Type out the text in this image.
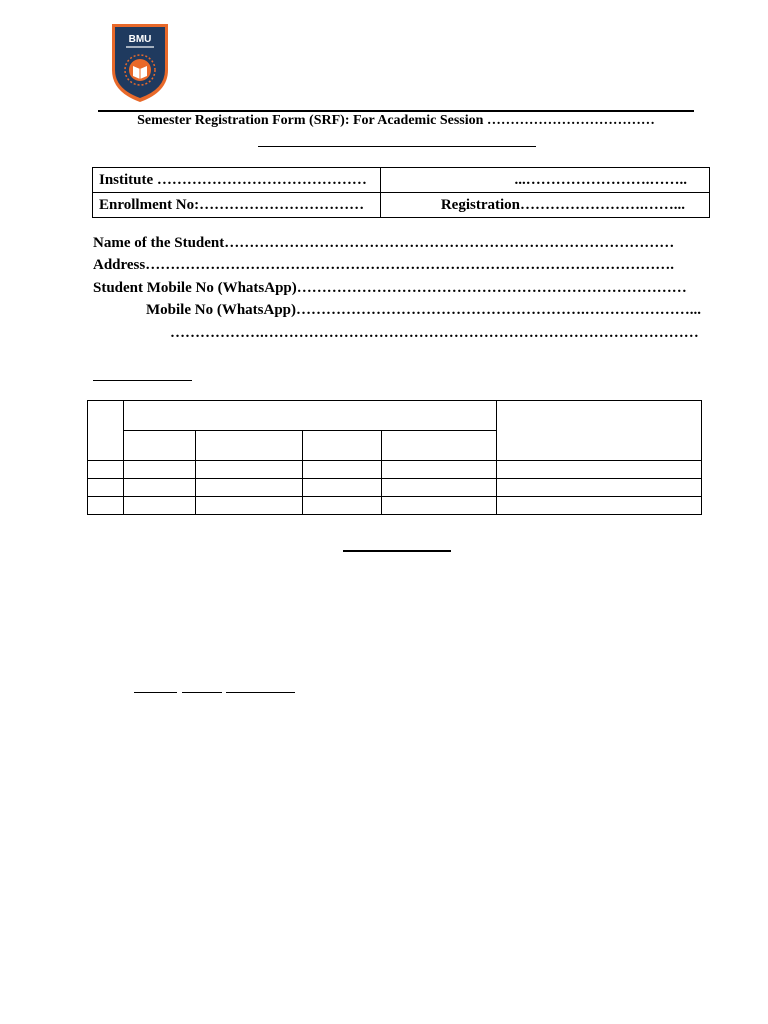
BMU
Semester Registration Form (SRF): For Academic Session ………………………………
Institute ……………………………………	...…………………….……..
Enrollment No:……………………………	Registration…………………….……...
Name of the Student………………………………………………………………………………
Address…………………………………………………………………………………………….
Student Mobile No (WhatsApp)……………………………………………………………………
Mobile No (WhatsApp)………………………………………………….…………………...
……………….……………………………………………………………………………
